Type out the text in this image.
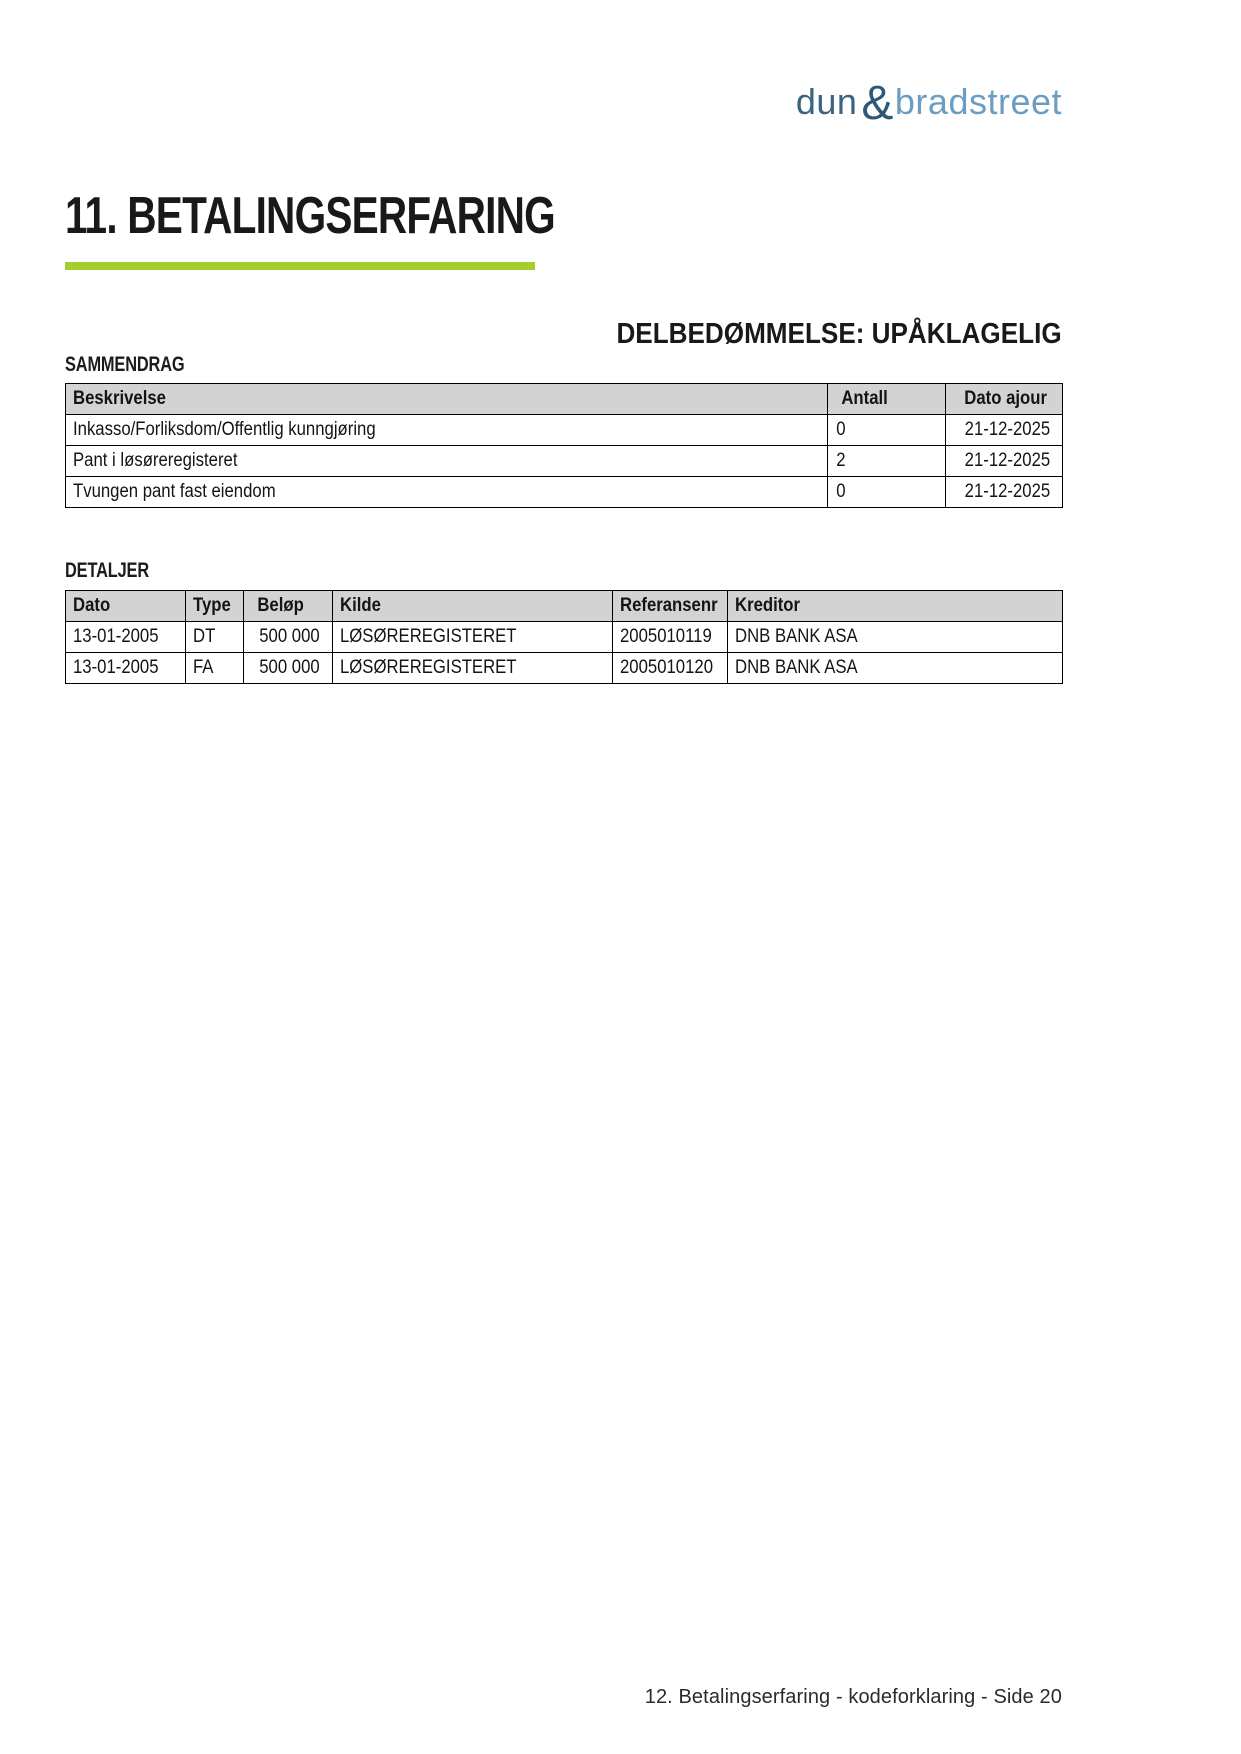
dun&bradstreet
11. BETALINGSERFARING
DELBEDØMMELSE: UPÅKLAGELIG
SAMMENDRAG
Beskrivelse	Antall	Dato ajour
Inkasso/Forliksdom/Offentlig kunngjøring	0	21-12-2025
Pant i løsøreregisteret	2	21-12-2025
Tvungen pant fast eiendom	0	21-12-2025
DETALJER
Dato	Type	Beløp	Kilde	Referansenr	Kreditor
13-01-2005	DT	500 000	LØSØREREGISTERET	2005010119	DNB BANK ASA
13-01-2005	FA	500 000	LØSØREREGISTERET	2005010120	DNB BANK ASA
12. Betalingserfaring - kodeforklaring - Side 20
